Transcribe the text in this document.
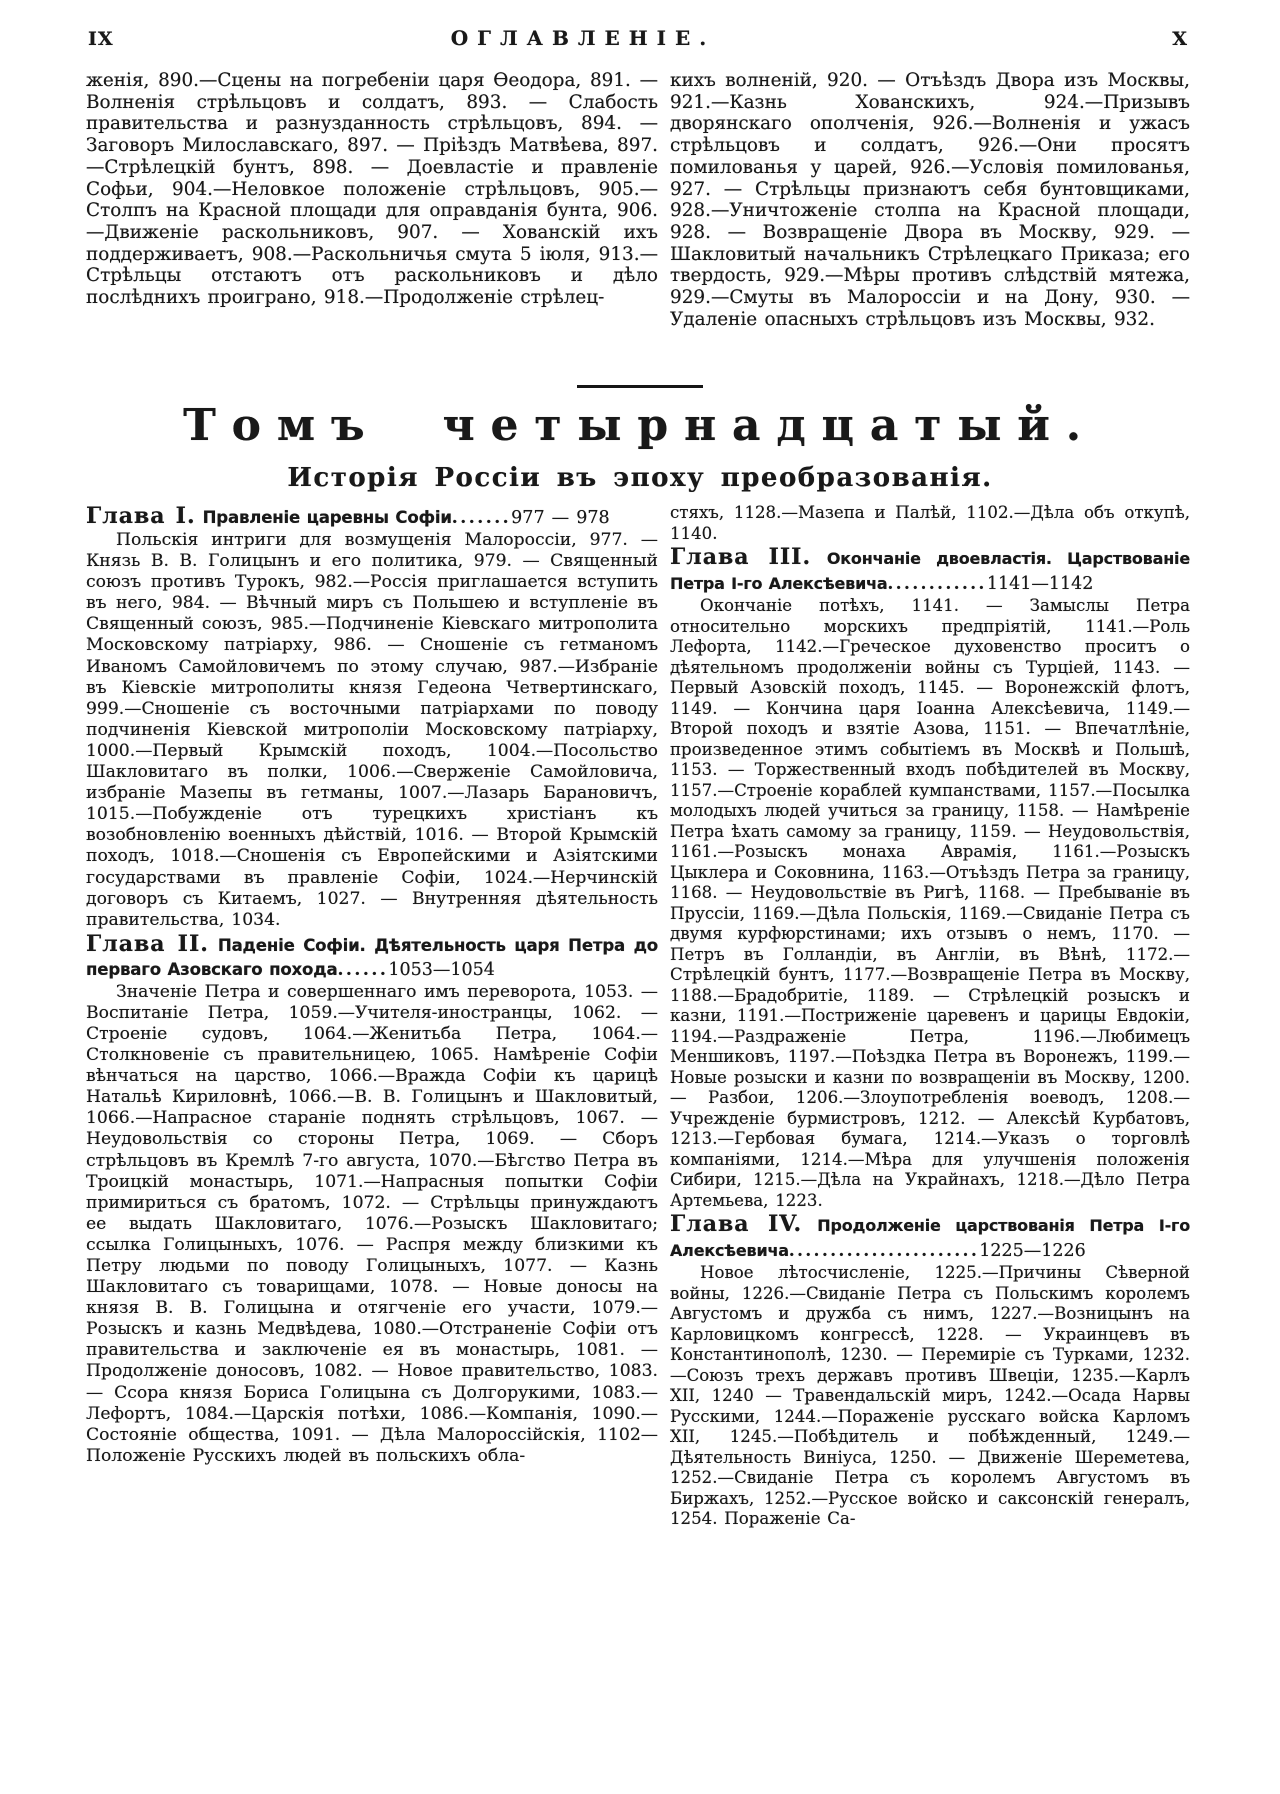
IX	ОГЛАВЛЕНІЕ.	X

женія, 890.—Сцены на погребеніи царя Ѳеодора, 891. — Волненія стрѣльцовъ и солдатъ, 893. — Слабость правительства и разнузданность стрѣльцовъ, 894. — Заговоръ Милославскаго, 897. — Пріѣздъ Матвѣева, 897.—Стрѣлецкій бунтъ, 898. — Доевластіе и правленіе Софьи, 904.—Неловкое положеніе стрѣльцовъ, 905.—Столпъ на Красной площади для оправданія бунта, 906.—Движеніе раскольниковъ, 907. — Хованскій ихъ поддерживаетъ, 908.—Раскольничья смута 5 іюля, 913.—Стрѣльцы отстаютъ отъ раскольниковъ и дѣло послѣднихъ проиграно, 918.—Продолженіе стрѣлец-

кихъ волненій, 920. — Отъѣздъ Двора изъ Москвы, 921.—Казнь Хованскихъ, 924.—Призывъ дворянскаго ополченія, 926.—Волненія и ужасъ стрѣльцовъ и солдатъ, 926.—Они просятъ помилованья у царей, 926.—Условія помилованья, 927. — Стрѣльцы признаютъ себя бунтовщиками, 928.—Уничтоженіе столпа на Красной площади, 928. — Возвращеніе Двора въ Москву, 929. — Шакловитый начальникъ Стрѣлецкаго Приказа; его твердость, 929.—Мѣры противъ слѣдствій мятежа, 929.—Смуты въ Малороссіи и на Дону, 930. — Удаленіе опасныхъ стрѣльцовъ изъ Москвы, 932.

Томъ четырнадцатый.
Исторія Россіи въ эпоху преобразованія.

Глава I. Правленіе царевны Софіи.......977 — 978

Польскія интриги для возмущенія Малороссіи, 977. — Князь В. В. Голицынъ и его политика, 979. — Священный союзъ противъ Турокъ, 982.—Россія приглашается вступить въ него, 984. — Вѣчный миръ съ Польшею и вступленіе въ Священный союзъ, 985.—Подчиненіе Кіевскаго митрополита Московскому патріарху, 986. — Сношеніе съ гетманомъ Иваномъ Самойловичемъ по этому случаю, 987.—Избраніе въ Кіевскіе митрополиты князя Гедеона Четвертинскаго, 999.—Сношеніе съ восточными патріархами по поводу подчиненія Кіевской митрополіи Московскому патріарху, 1000.—Первый Крымскій походъ, 1004.—Посольство Шакловитаго въ полки, 1006.—Сверженіе Самойловича, избраніе Мазепы въ гетманы, 1007.—Лазарь Барановичъ, 1015.—Побужденіе отъ турецкихъ христіанъ къ возобновленію военныхъ дѣйствій, 1016. — Второй Крымскій походъ, 1018.—Сношенія съ Европейскими и Азіятскими государствами въ правленіе Софіи, 1024.—Нерчинскій договоръ съ Китаемъ, 1027. — Внутренняя дѣятельность правительства, 1034.

Глава II. Паденіе Софіи. Дѣятельность царя Петра до перваго Азовскаго похода......1053—1054

Значеніе Петра и совершеннаго имъ переворота, 1053. — Воспитаніе Петра, 1059.—Учителя-иностранцы, 1062. — Строеніе судовъ, 1064.—Женитьба Петра, 1064.—Столкновеніе съ правительницею, 1065. Намѣреніе Софіи вѣнчаться на царство, 1066.—Вражда Софіи къ царицѣ Натальѣ Кириловнѣ, 1066.—В. В. Голицынъ и Шакловитый, 1066.—Напрасное стараніе поднять стрѣльцовъ, 1067. — Неудовольствія со стороны Петра, 1069. — Сборъ стрѣльцовъ въ Кремлѣ 7-го августа, 1070.—Бѣгство Петра въ Троицкій монастырь, 1071.—Напрасныя попытки Софіи примириться съ братомъ, 1072. — Стрѣльцы принуждаютъ ее выдать Шакловитаго, 1076.—Розыскъ Шакловитаго; ссылка Голицыныхъ, 1076. — Распря между близкими къ Петру людьми по поводу Голицыныхъ, 1077. — Казнь Шакловитаго съ товарищами, 1078. — Новые доносы на князя В. В. Голицына и отягченіе его участи, 1079.—Розыскъ и казнь Медвѣдева, 1080.—Отстраненіе Софіи отъ правительства и заключеніе ея въ монастырь, 1081. — Продолженіе доносовъ, 1082. — Новое правительство, 1083. — Ссора князя Бориса Голицына съ Долгорукими, 1083.—Лефортъ, 1084.—Царскія потѣхи, 1086.—Компанія, 1090.—Состояніе общества, 1091. — Дѣла Малороссійскія, 1102—Положеніе Русскихъ людей въ польскихъ обла-

стяхъ, 1128.—Мазепа и Палѣй, 1102.—Дѣла объ откупѣ, 1140.

Глава III. Окончаніе двоевластія. Царствованіе Петра I-го Алексѣевича............1141—1142

Окончаніе потѣхъ, 1141. — Замыслы Петра относительно морскихъ предпріятій, 1141.—Роль Лефорта, 1142.—Греческое духовенство проситъ о дѣятельномъ продолженіи войны съ Турціей, 1143. — Первый Азовскій походъ, 1145. — Воронежскій флотъ, 1149. — Кончина царя Іоанна Алексѣевича, 1149.—Второй походъ и взятіе Азова, 1151. — Впечатлѣніе, произведенное этимъ событіемъ въ Москвѣ и Польшѣ, 1153. — Торжественный входъ побѣдителей въ Москву, 1157.—Строеніе кораблей кумпанствами, 1157.—Посылка молодыхъ людей учиться за границу, 1158. — Намѣреніе Петра ѣхать самому за границу, 1159. — Неудовольствія, 1161.—Розыскъ монаха Аврамія, 1161.—Розыскъ Цыклера и Соковнина, 1163.—Отъѣздъ Петра за границу, 1168. — Неудовольствіе въ Ригѣ, 1168. — Пребываніе въ Пруссіи, 1169.—Дѣла Польскія, 1169.—Свиданіе Петра съ двумя курфюрстинами; ихъ отзывъ о немъ, 1170. — Петръ въ Голландіи, въ Англіи, въ Вѣнѣ, 1172.—Стрѣлецкій бунтъ, 1177.—Возвращеніе Петра въ Москву, 1188.—Брадобритіе, 1189. — Стрѣлецкій розыскъ и казни, 1191.—Постриженіе царевенъ и царицы Евдокіи, 1194.—Раздраженіе Петра, 1196.—Любимецъ Меншиковъ, 1197.—Поѣздка Петра въ Воронежъ, 1199.—Новые розыски и казни по возвращеніи въ Москву, 1200. — Разбои, 1206.—Злоупотребленія воеводъ, 1208.—Учрежденіе бурмистровъ, 1212. — Алексѣй Курбатовъ, 1213.—Гербовая бумага, 1214.—Указъ о торговлѣ компаніями, 1214.—Мѣра для улучшенія положенія Сибири, 1215.—Дѣла на Украйнахъ, 1218.—Дѣло Петра Артемьева, 1223.

Глава IV. Продолженіе царствованія Петра I-го Алексѣевича.......................1225—1226

Новое лѣтосчисленіе, 1225.—Причины Сѣверной войны, 1226.—Свиданіе Петра съ Польскимъ королемъ Августомъ и дружба съ нимъ, 1227.—Возницынъ на Карловицкомъ конгрессѣ, 1228. — Украинцевъ въ Константинополѣ, 1230. — Перемиріе съ Турками, 1232.—Союзъ трехъ державъ противъ Швеціи, 1235.—Карлъ XII, 1240 — Травендальскій миръ, 1242.—Осада Нарвы Русскими, 1244.—Пораженіе русскаго войска Карломъ XII, 1245.—Побѣдитель и побѣжденный, 1249.—Дѣятельность Виніуса, 1250. — Движеніе Шереметева, 1252.—Свиданіе Петра съ королемъ Августомъ въ Биржахъ, 1252.—Русское войско и саксонскій генералъ, 1254. Пораженіе Са-
